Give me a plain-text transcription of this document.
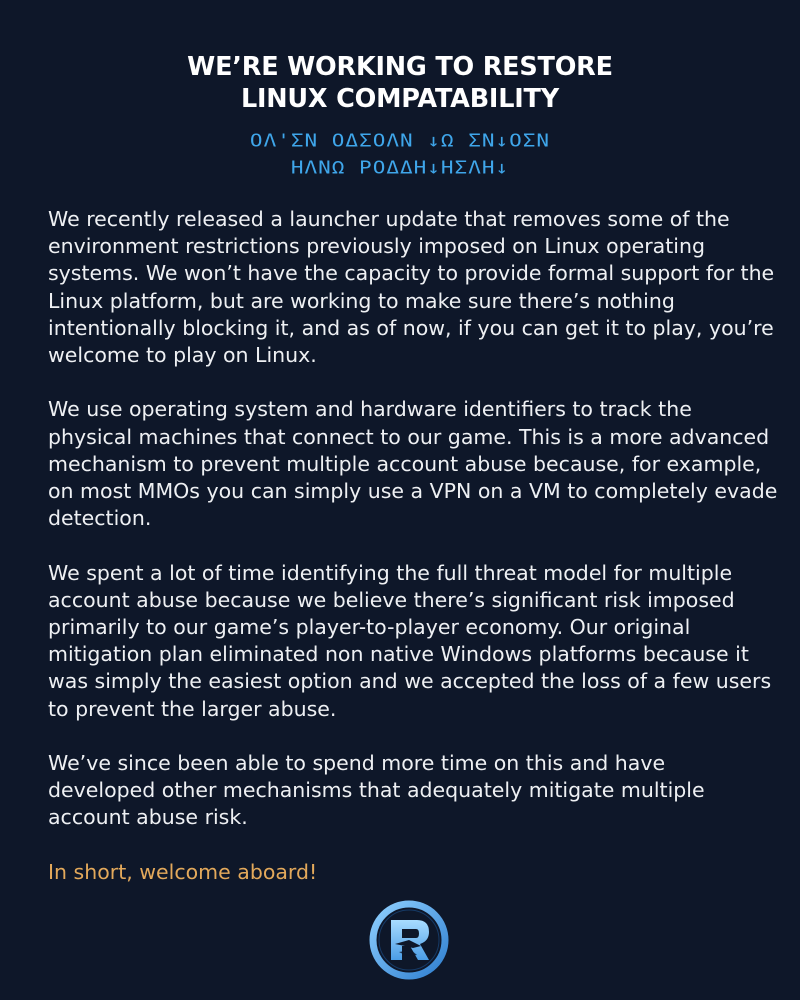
WE’RE WORKING TO RESTORE
LINUX COMPATABILITY
ΟΛ'ΣΝ ΟΔΣΟΛΝ ↓Ω ΣΝ↓ΟΣΝ
ΗΛΝΩ ΡΟΔΔΗ↓ΗΣΛΗ↓

We recently released a launcher update that removes some of the environment restrictions previously imposed on Linux operating systems. We won’t have the capacity to provide formal support for the Linux platform, but are working to make sure there’s nothing intentionally blocking it, and as of now, if you can get it to play, you’re welcome to play on Linux.

We use operating system and hardware identifiers to track the physical machines that connect to our game. This is a more advanced mechanism to prevent multiple account abuse because, for example, on most MMOs you can simply use a VPN on a VM to completely evade detection.

We spent a lot of time identifying the full threat model for multiple account abuse because we believe there’s significant risk imposed primarily to our game’s player-to-player economy. Our original mitigation plan eliminated non native Windows platforms because it was simply the easiest option and we accepted the loss of a few users to prevent the larger abuse.

We’ve since been able to spend more time on this and have developed other mechanisms that adequately mitigate multiple account abuse risk.

In short, welcome aboard!
